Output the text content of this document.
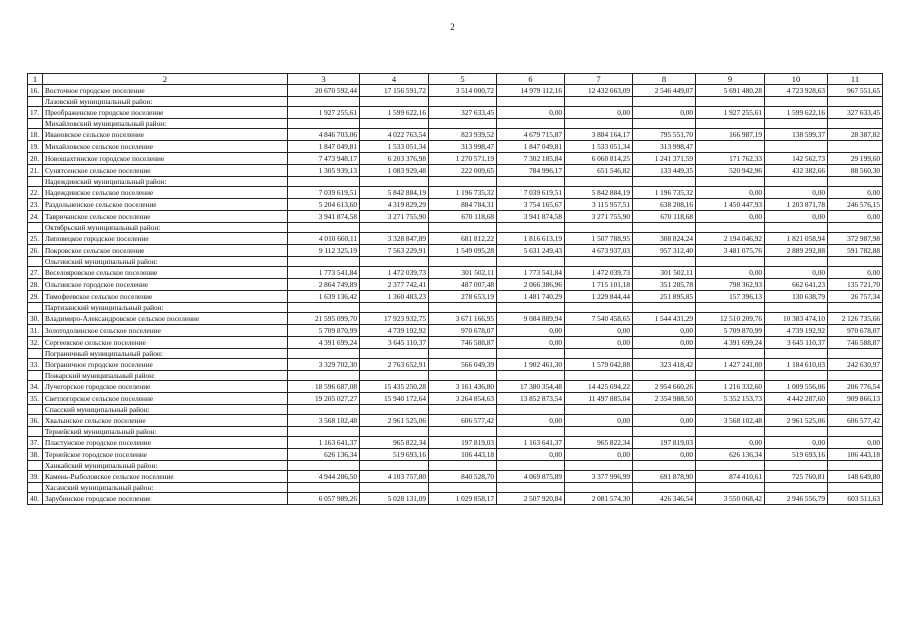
2
1	2	3	4	5	6	7	8	9	10	11
16.	Восточное городское поселение	20 670 592,44	17 156 591,72	3 514 000,72	14 979 112,16	12 432 663,09	2 546 449,07	5 691 480,28	4 723 928,63	967 551,65
	Лазовский муниципальный район:									
17.	Преображенское городское поселение	1 927 255,61	1 599 622,16	327 633,45	0,00	0,00	0,00	1 927 255,61	1 599 622,16	327 633,45
	Михайловский муниципальный район:									
18.	Ивановское сельское поселение	4 846 703,06	4 022 763,54	823 939,52	4 679 715,87	3 884 164,17	795 551,70	166 987,19	138 599,37	28 387,82
19.	Михайловское сельское поселение	1 847 049,81	1 533 051,34	313 998,47	1 847 049,81	1 533 051,34	313 998,47			
20.	Новошахтинское городское поселение	7 473 948,17	6 203 376,98	1 270 571,19	7 302 185,84	6 060 814,25	1 241 371,59	171 762,33	142 562,73	29 199,60
21.	Сунятсенское сельское поселение	1 305 939,13	1 083 929,48	222 009,65	784 996,17	651 546,82	133 449,35	520 942,96	432 382,66	88 560,30
	Надеждинский муниципальный район:									
22.	Надеждинское сельское поселение	7 039 619,51	5 842 884,19	1 196 735,32	7 039 619,51	5 842 884,19	1 196 735,32	0,00	0,00	0,00
23.	Раздольненское сельское поселение	5 204 613,60	4 319 829,29	884 784,31	3 754 165,67	3 115 957,51	638 208,16	1 450 447,93	1 203 871,78	246 576,15
24.	Тавричанское сельское поселение	3 941 874,58	3 271 755,90	670 118,68	3 941 874,58	3 271 755,90	670 118,68	0,00	0,00	0,00
	Октябрьский муниципальный район:									
25.	Липовецкое городское поселение	4 010 660,11	3 328 847,89	681 812,22	1 816 613,19	1 507 788,95	308 824,24	2 194 046,92	1 821 058,94	372 987,98
26.	Покровское сельское поселение	9 112 325,19	7 563 229,91	1 549 095,28	5 631 249,43	4 673 937,03	957 312,40	3 481 075,76	2 889 292,88	591 782,88
	Ольгинский муниципальный район:									
27.	Веселояровское сельское поселение	1 773 541,84	1 472 039,73	301 502,11	1 773 541,84	1 472 039,73	301 502,11	0,00	0,00	0,00
28.	Ольгинское городское поселение	2 864 749,89	2 377 742,41	487 007,48	2 066 386,96	1 715 101,18	351 285,78	798 362,93	662 641,23	135 721,70
29.	Тимофеевское сельское поселение	1 639 136,42	1 360 483,23	278 653,19	1 481 740,29	1 229 844,44	251 895,85	157 396,13	130 638,79	26 757,34
	Партизанский муниципальный район:									
30.	Владимиро-Александровское сельское поселение	21 595 099,70	17 923 932,75	3 671 166,95	9 084 889,94	7 540 458,65	1 544 431,29	12 510 209,76	10 383 474,10	2 126 735,66
31.	Золотодолинское сельское поселение	5 709 870,99	4 739 192,92	970 678,07	0,00	0,00	0,00	5 709 870,99	4 739 192,92	970 678,07
32.	Сергеевское сельское поселение	4 391 699,24	3 645 110,37	746 588,87	0,00	0,00	0,00	4 391 699,24	3 645 110,37	746 588,87
	Пограничный муниципальный район:									
33.	Пограничное городское поселение	3 329 702,30	2 763 652,91	566 049,39	1 902 461,30	1 579 042,88	323 418,42	1 427 241,00	1 184 610,03	242 630,97
	Пожарский муниципальный район:									
34.	Лучегорское городское поселение	18 596 687,08	15 435 250,28	3 161 436,80	17 380 354,48	14 425 694,22	2 954 660,26	1 216 332,60	1 009 556,06	206 776,54
35.	Светлогорское сельское поселение	19 205 027,27	15 940 172,64	3 264 854,63	13 852 873,54	11 497 885,04	2 354 988,50	5 352 153,73	4 442 287,60	909 866,13
	Спасский муниципальный район:									
36.	Хвалынское сельское поселение	3 568 102,48	2 961 525,06	606 577,42	0,00	0,00	0,00	3 568 102,48	2 961 525,06	606 577,42
	Тернейский муниципальный район:									
37.	Пластунское городское поселение	1 163 641,37	965 822,34	197 819,03	1 163 641,37	965 822,34	197 819,03	0,00	0,00	0,00
38.	Тернейское городское поселение	626 136,34	519 693,16	106 443,18	0,00	0,00	0,00	626 136,34	519 693,16	106 443,18
	Ханкайский муниципальный район:									
39.	Камень-Рыболовское сельское поселение	4 944 286,50	4 103 757,80	840 528,70	4 069 875,89	3 377 996,99	691 878,90	874 410,61	725 760,81	148 649,80
	Хасанский муниципальный район:									
40.	Зарубинское городское поселение	6 057 989,26	5 028 131,09	1 029 858,17	2 507 920,84	2 081 574,30	426 346,54	3 550 068,42	2 946 556,79	603 511,63
